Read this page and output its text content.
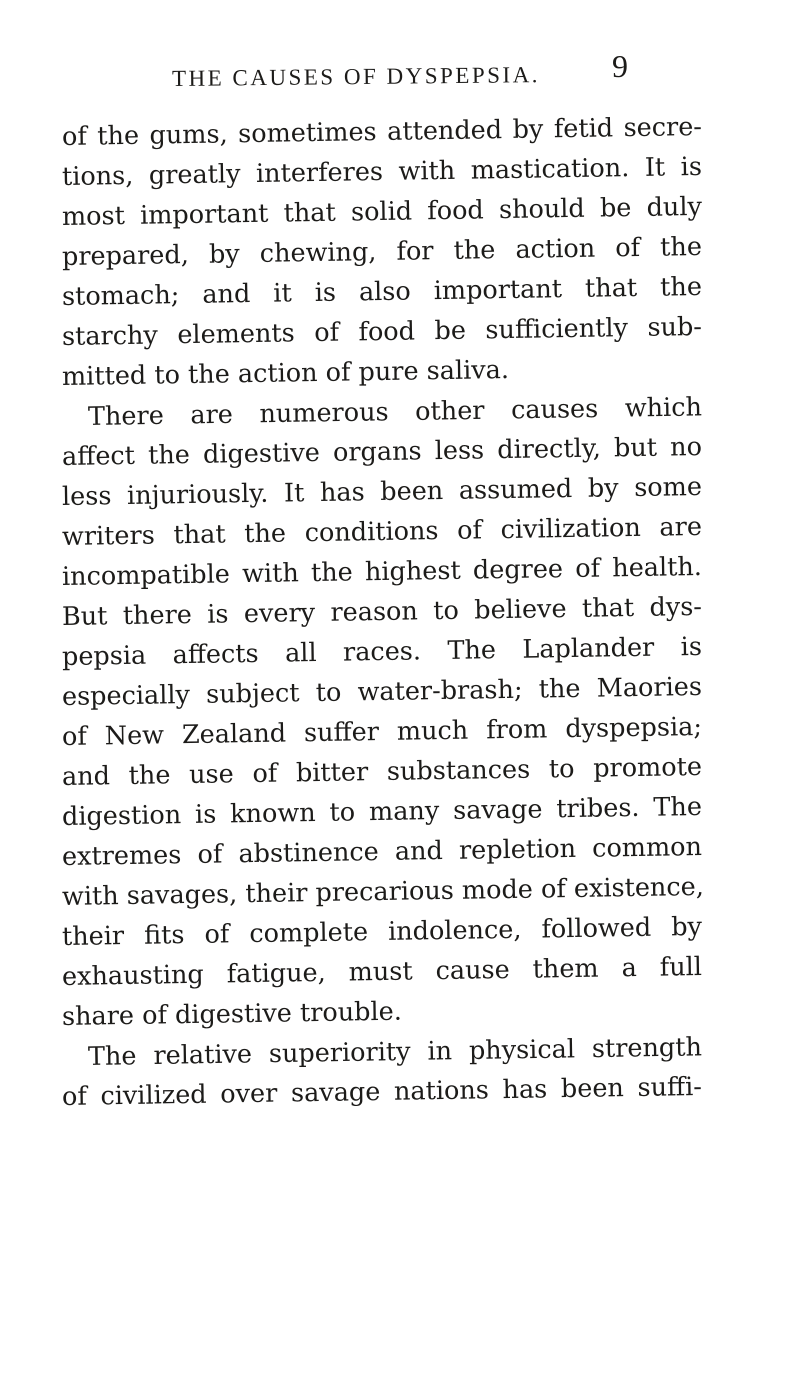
THE CAUSES OF DYSPEPSIA. 9
of the gums, sometimes attended by fetid secre-
tions, greatly interferes with mastication. It is
most important that solid food should be duly
prepared, by chewing, for the action of the
stomach; and it is also important that the
starchy elements of food be sufficiently sub-
mitted to the action of pure saliva.
There are numerous other causes which
affect the digestive organs less directly, but no
less injuriously. It has been assumed by some
writers that the conditions of civilization are
incompatible with the highest degree of health.
But there is every reason to believe that dys-
pepsia affects all races. The Laplander is
especially subject to water-brash; the Maories
of New Zealand suffer much from dyspepsia;
and the use of bitter substances to promote
digestion is known to many savage tribes. The
extremes of abstinence and repletion common
with savages, their precarious mode of existence,
their fits of complete indolence, followed by
exhausting fatigue, must cause them a full
share of digestive trouble.
The relative superiority in physical strength
of civilized over savage nations has been suffi-
